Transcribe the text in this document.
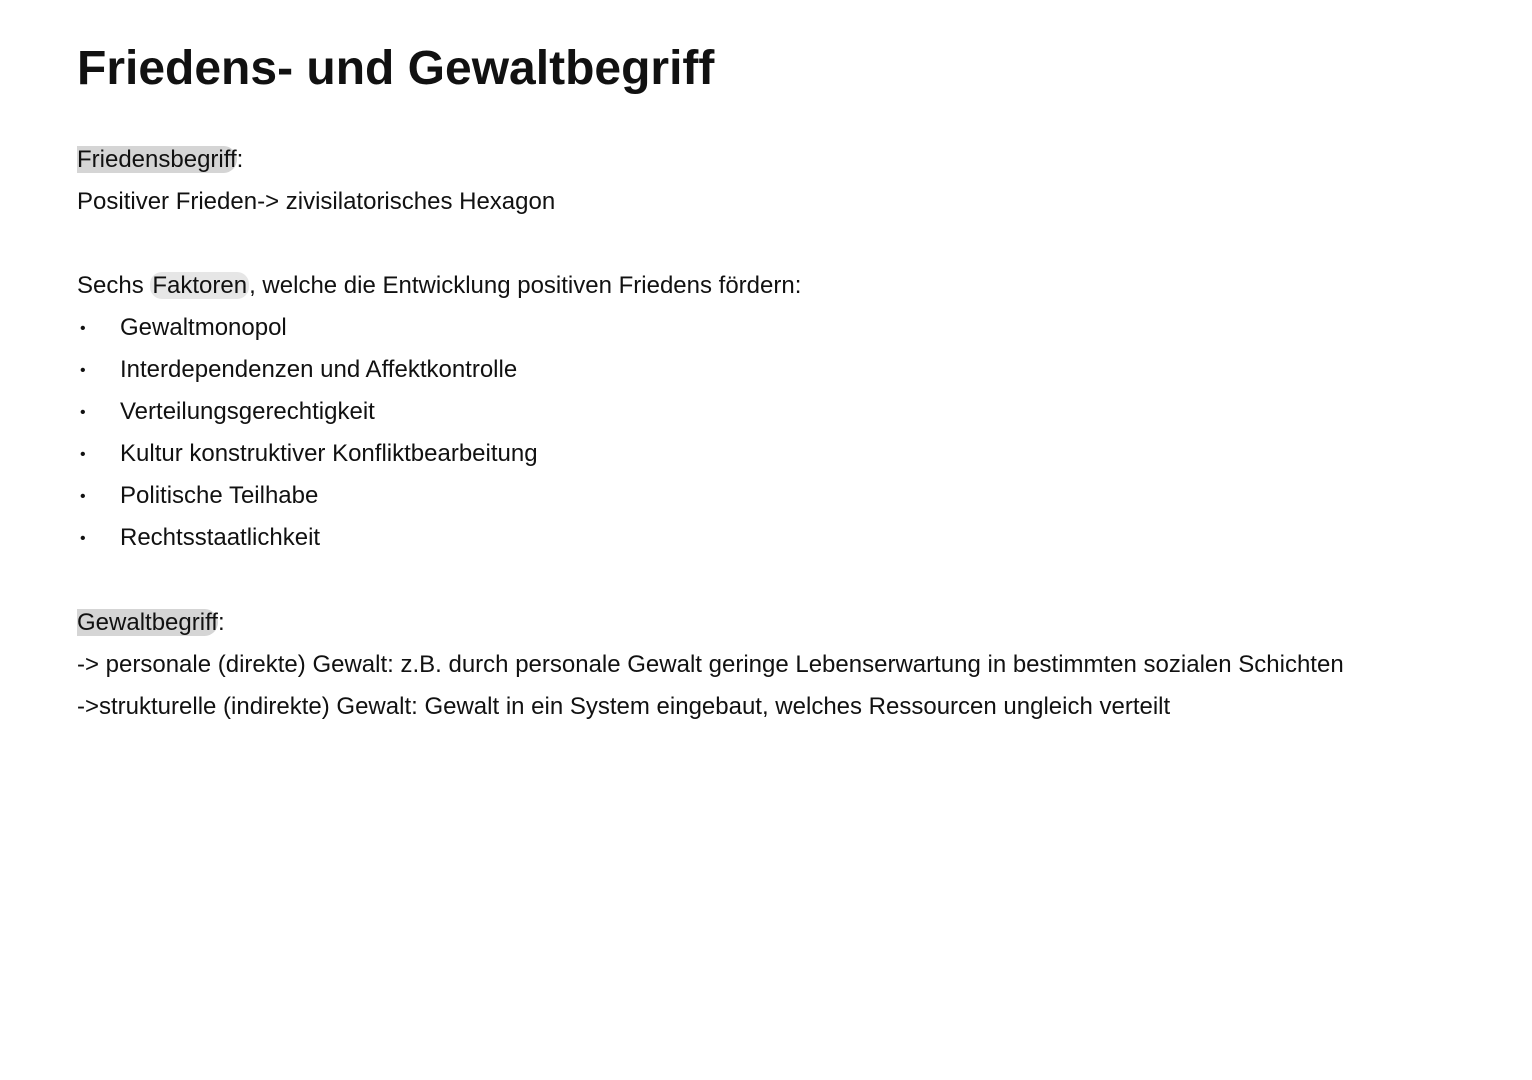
Friedens- und Gewaltbegriff
Friedensbegriff:
Positiver Frieden-> zivisilatorisches Hexagon
Sechs Faktoren, welche die Entwicklung positiven Friedens fördern:
• Gewaltmonopol
• Interdependenzen und Affektkontrolle
• Verteilungsgerechtigkeit
• Kultur konstruktiver Konfliktbearbeitung
• Politische Teilhabe
• Rechtsstaatlichkeit
Gewaltbegriff:
-> personale (direkte) Gewalt: z.B. durch personale Gewalt geringe Lebenserwartung in bestimmten sozialen Schichten
->strukturelle (indirekte) Gewalt: Gewalt in ein System eingebaut, welches Ressourcen ungleich verteilt
